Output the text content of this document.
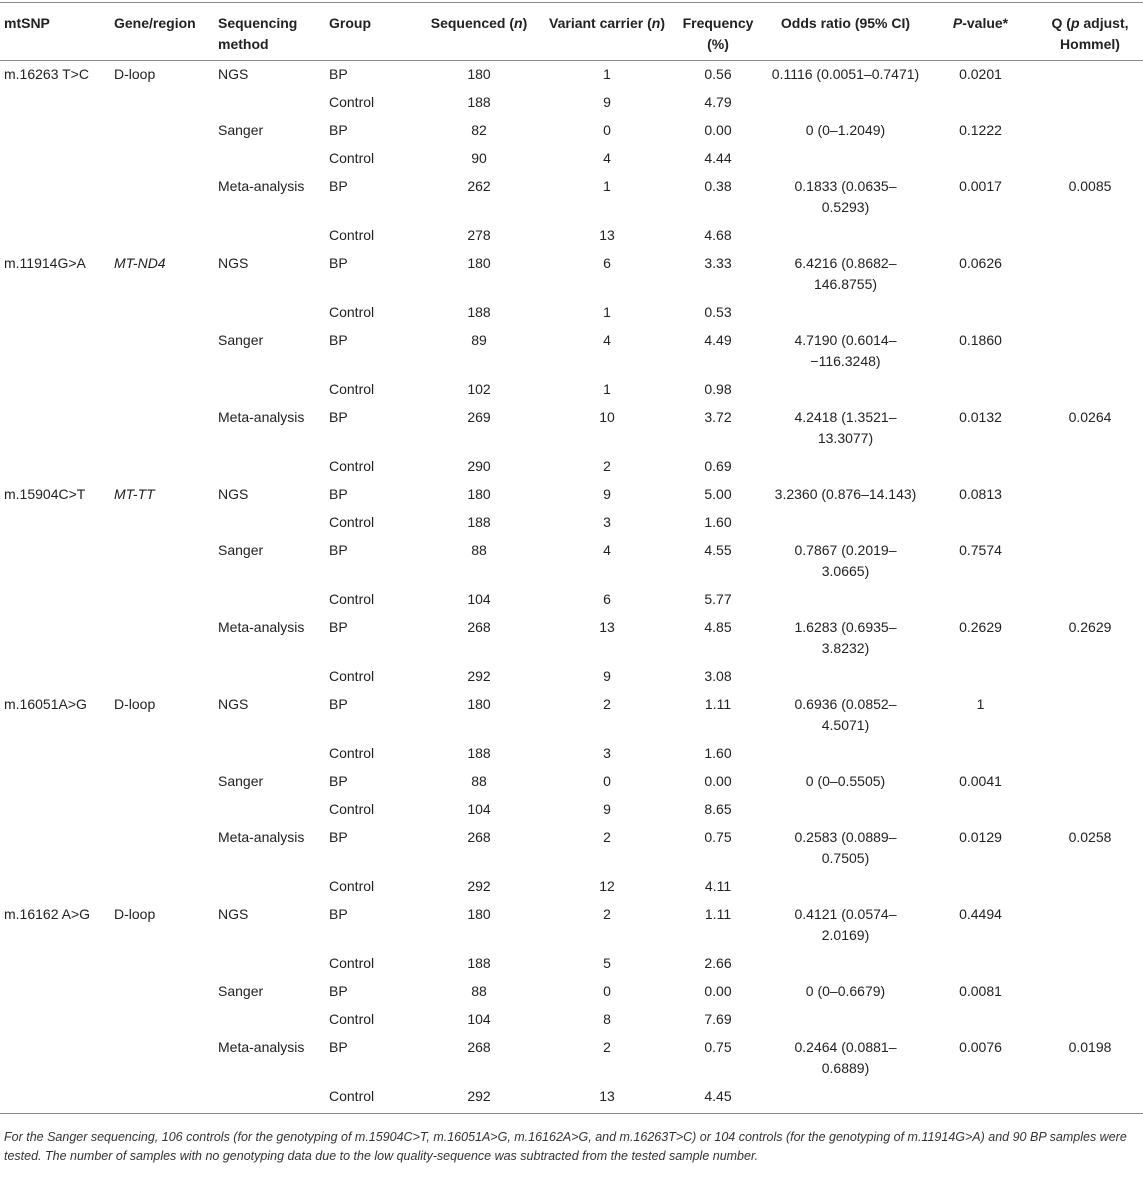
mtSNP	Gene/region	Sequencing method	Group	Sequenced (n)	Variant carrier (n)	Frequency (%)	Odds ratio (95% CI)	P-value*	Q (p adjust, Hommel)
m.16263 T>C	D-loop	NGS	BP	180	1	0.56	0.1116 (0.0051–0.7471)	0.0201	
			Control	188	9	4.79			
		Sanger	BP	82	0	0.00	0 (0–1.2049)	0.1222	
			Control	90	4	4.44			
		Meta-analysis	BP	262	1	0.38	0.1833 (0.0635–0.5293)	0.0017	0.0085
			Control	278	13	4.68			
m.11914G>A	MT-ND4	NGS	BP	180	6	3.33	6.4216 (0.8682–146.8755)	0.0626	
			Control	188	1	0.53			
		Sanger	BP	89	4	4.49	4.7190 (0.6014–−116.3248)	0.1860	
			Control	102	1	0.98			
		Meta-analysis	BP	269	10	3.72	4.2418 (1.3521–13.3077)	0.0132	0.0264
			Control	290	2	0.69			
m.15904C>T	MT-TT	NGS	BP	180	9	5.00	3.2360 (0.876–14.143)	0.0813	
			Control	188	3	1.60			
		Sanger	BP	88	4	4.55	0.7867 (0.2019–3.0665)	0.7574	
			Control	104	6	5.77			
		Meta-analysis	BP	268	13	4.85	1.6283 (0.6935–3.8232)	0.2629	0.2629
			Control	292	9	3.08			
m.16051A>G	D-loop	NGS	BP	180	2	1.11	0.6936 (0.0852–4.5071)	1	
			Control	188	3	1.60			
		Sanger	BP	88	0	0.00	0 (0–0.5505)	0.0041	
			Control	104	9	8.65			
		Meta-analysis	BP	268	2	0.75	0.2583 (0.0889–0.7505)	0.0129	0.0258
			Control	292	12	4.11			
m.16162 A>G	D-loop	NGS	BP	180	2	1.11	0.4121 (0.0574–2.0169)	0.4494	
			Control	188	5	2.66			
		Sanger	BP	88	0	0.00	0 (0–0.6679)	0.0081	
			Control	104	8	7.69			
		Meta-analysis	BP	268	2	0.75	0.2464 (0.0881–0.6889)	0.0076	0.0198
			Control	292	13	4.45			
For the Sanger sequencing, 106 controls (for the genotyping of m.15904C>T, m.16051A>G, m.16162A>G, and m.16263T>C) or 104 controls (for the genotyping of m.11914G>A) and 90 BP samples were tested. The number of samples with no genotyping data due to the low quality-sequence was subtracted from the tested sample number.
